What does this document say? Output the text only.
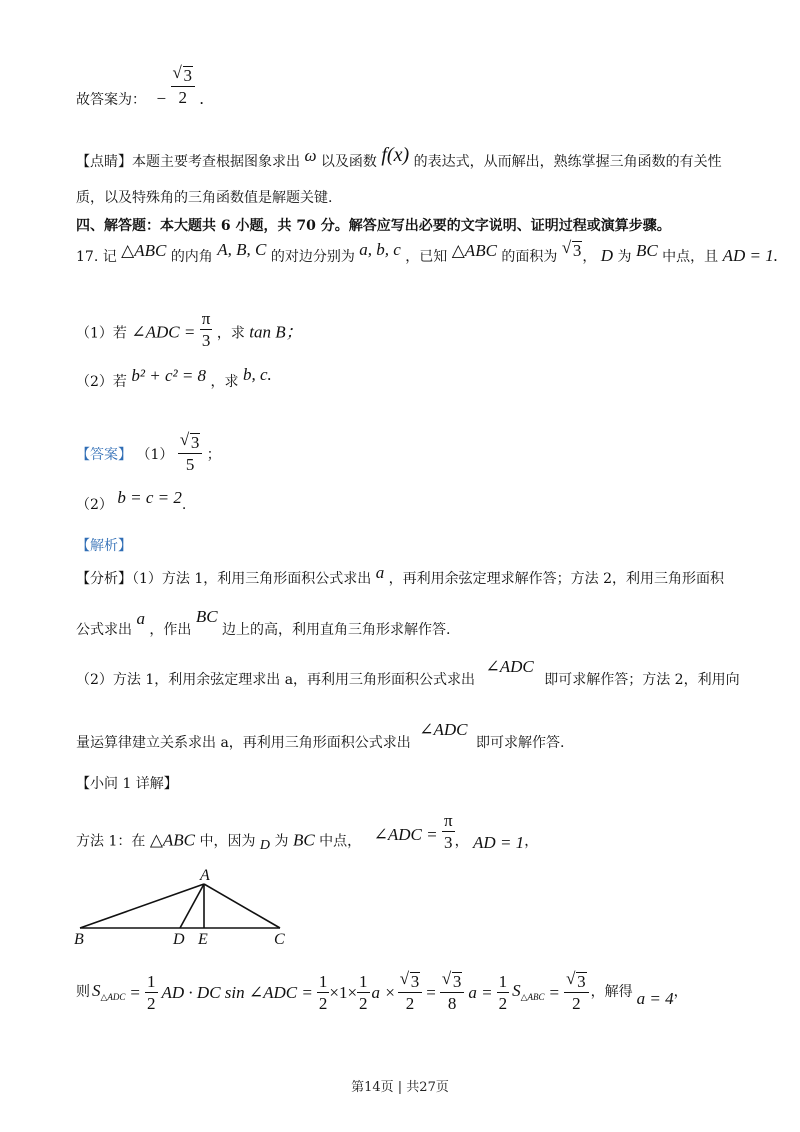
故答案为： − $\frac{√ 3}{2}$ .
【点睛】本题主要考查根据图象求出 ω 以及函数 f(x) 的表达式，从而解出，熟练掌握三角函数的有关性
质，以及特殊角的三角函数值是解题关键.
四、解答题：本大题共 6 小题，共 70 分。解答应写出必要的文字说明、证明过程或演算步骤。
17. 记 △ABC 的内角 A, B, C 的对边分别为 a, b, c ，已知 △ABC 的面积为 √ 3， D 为 BC 中点，且 AD = 1.
（1）若 ∠ADC = $\frac{\pi}{3}$ ，求 tan B；
（2）若 b² + c² = 8 ，求 b, c.
【答案】 $(1) \frac{√ 3}{5}$ ；
（2） b = c = 2.
【解析】
【分析】（1）方法 1，利用三角形面积公式求出 a ，再利用余弦定理求解作答；方法 2，利用三角形面积
公式求出 a ，作出 BC 边上的高，利用直角三角形求解作答.
（2）方法 1，利用余弦定理求出 a，再利用三角形面积公式求出 ∠ADC 即可求解作答；方法 2，利用向
量运算律建立关系求出 a，再利用三角形面积公式求出 ∠ADC 即可求解作答.
【小问 1 详解】
方法 1：在 △ABC 中，因为 D 为 BC 中点， ∠ADC = $\frac{\pi}{3}$ ， AD = 1，
A
B	D E	C
则 $S_{\triangle ADC} = \frac{1}{2}$ AD · DC sin ∠ADC = $\frac{1}{2} \times 1\times \frac{1}{2}$ $a \times \frac{√ 3}{2} = \frac{√ 3}{8}$ $a = \frac{1}{2} S_{\triangle ABC} = \frac{√ 3}{2}$ ，解得 a = 4 ，
第14页 | 共27页
